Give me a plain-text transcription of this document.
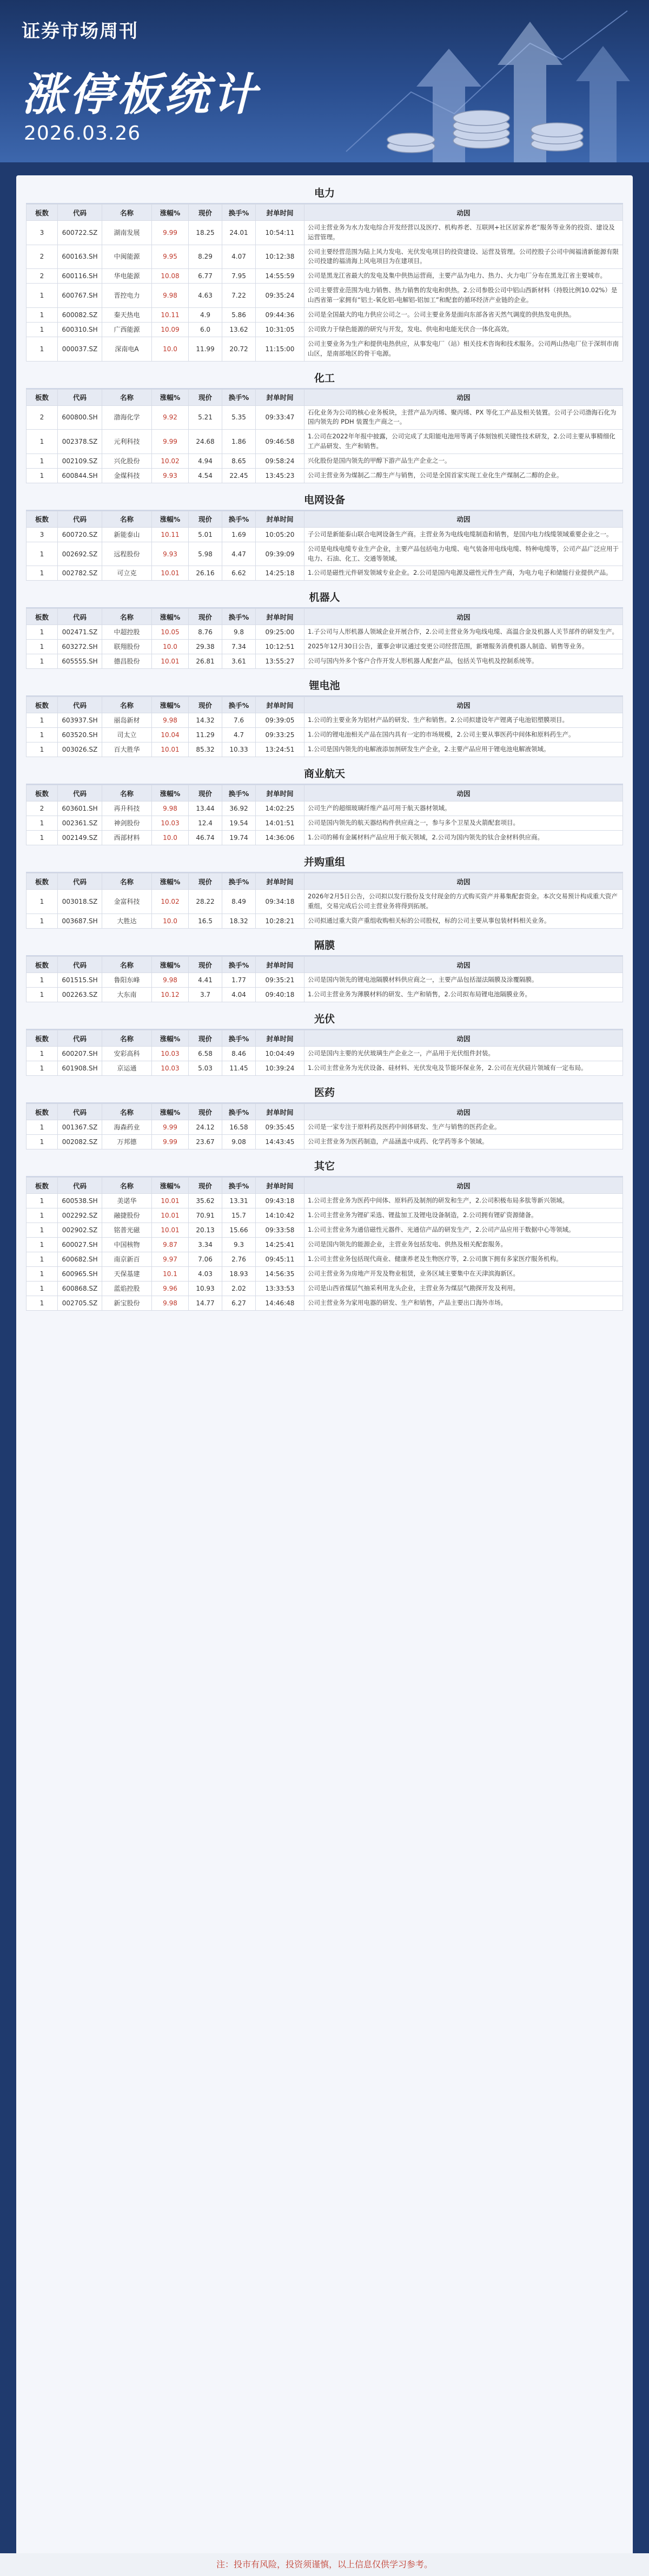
证券市场周刊
涨停板统计
2026.03.26
电力
板数	代码	名称	涨幅%	现价	换手%	封单时间	动因
3	600722.SZ	湖南发展	9.99	18.25	24.01	10:54:11	公司主营业务为水力发电综合开发经营以及医疗、机构养老、互联网+社区居家养老”服务等业务的投资、建设及运营管理。
2	600163.SH	中闽能源	9.95	8.29	4.07	10:12:38	公司主要经营范围为陆上风力发电、光伏发电项目的投资建设、运营及管理。公司控股子公司中闽福清新能源有限公司投建的福清海上风电项目为在建项目。
2	600116.SH	华电能源	10.08	6.77	7.95	14:55:59	公司是黑龙江省最大的发电及集中供热运营商，主要产品为电力、热力、火力电厂分布在黑龙江省主要城市。
1	600767.SH	晋控电力	9.98	4.63	7.22	09:35:24	公司主要营业范围为电力销售、热力销售的发电和供热。2.公司参股公司中铝山西新材料（持股比例10.02%）是山西省第一家拥有“铝土-氧化铝-电解铝-铝加工”和配套的循环经济产业链的企业。
1	600082.SZ	秦天热电	10.11	4.9	5.86	09:44:36	公司是全国最大的电力供应公司之一。公司主要业务是面向东部各省天然气调度的供热发电供热。
1	600310.SH	广西能源	10.09	6.0	13.62	10:31:05	公司致力于绿色能源的研究与开发，发电、供电和电能光伏合一体化高效。
1	000037.SZ	深南电A	10.0	11.99	20.72	11:15:00	公司主要业务为生产和提供电热供应，从事发电厂（站）相关技术咨询和技术服务。公司两山热电厂位于深圳市南山区，是南部地区的骨干电源。
化工
板数	代码	名称	涨幅%	现价	换手%	封单时间	动因
2	600800.SH	渤海化学	9.92	5.21	5.35	09:33:47	石化业务为公司的核心业务板块，主营产品为丙烯、聚丙烯、PX 等化工产品及相关装置。公司子公司渤海石化为国内领先的 PDH 装置生产商之一。
1	002378.SZ	元利科技	9.99	24.68	1.86	09:46:58	1.公司在2022年年报中披露，公司完成了太阳能电池用等离子体刻蚀机关键性技术研发，2.公司主要从事精细化工产品研发、生产和销售。
1	002109.SZ	兴化股份	10.02	4.94	8.65	09:58:24	兴化股份是国内领先的甲醇下游产品生产企业之一。
1	600844.SH	金煤科技	9.93	4.54	22.45	13:45:23	公司主营业务为煤制乙二醇生产与销售，公司是全国首家实现工业化生产煤制乙二醇的企业。
电网设备
板数	代码	名称	涨幅%	现价	换手%	封单时间	动因
3	600720.SZ	新能泰山	10.11	5.01	1.69	10:05:20	子公司是新能泰山联合电网设备生产商。主营业务为电线电缆制造和销售，是国内电力线缆领域重要企业之一。
1	002692.SZ	远程股份	9.93	5.98	4.47	09:39:09	公司是电线电缆专业生产企业，主要产品包括电力电缆、电气装备用电线电缆、特种电缆等，公司产品广泛应用于电力、石油、化工、交通等领域。
1	002782.SZ	可立克	10.01	26.16	6.62	14:25:18	1.公司是磁性元件研发领域专业企业。2.公司是国内电源及磁性元件生产商，为电力电子和储能行业提供产品。
机器人
板数	代码	名称	涨幅%	现价	换手%	封单时间	动因
1	002471.SZ	中超控股	10.05	8.76	9.8	09:25:00	1.子公司与人形机器人领域企业开展合作，2.公司主营业务为电线电缆、高温合金及机器人关节部件的研发生产。
1	603272.SH	联翔股份	10.0	29.38	7.34	10:12:51	2025年12月30日公告，董事会审议通过变更公司经营范围，新增服务消费机器人制造、销售等业务。
1	605555.SH	德昌股份	10.01	26.81	3.61	13:55:27	公司与国内外多个客户合作开发人形机器人配套产品，包括关节电机及控制系统等。
锂电池
板数	代码	名称	涨幅%	现价	换手%	封单时间	动因
1	603937.SH	丽岛新材	9.98	14.32	7.6	09:39:05	1.公司的主要业务为铝材产品的研发、生产和销售。2.公司拟建设年产锂离子电池铝塑膜项目。
1	603520.SH	司太立	10.04	11.29	4.7	09:33:25	1.公司的锂电池相关产品在国内具有一定的市场规模，2.公司主要从事医药中间体和原料药生产。
1	003026.SZ	百大胜华	10.01	85.32	10.33	13:24:51	1.公司是国内领先的电解液添加剂研发生产企业，2.主要产品应用于锂电池电解液领域。
商业航天
板数	代码	名称	涨幅%	现价	换手%	封单时间	动因
2	603601.SH	再升科技	9.98	13.44	36.92	14:02:25	公司生产的超细玻璃纤维产品可用于航天器材领域。
1	002361.SZ	神剑股份	10.03	12.4	19.54	14:01:51	公司是国内领先的航天器结构件供应商之一，参与多个卫星及火箭配套项目。
1	002149.SZ	西部材料	10.0	46.74	19.74	14:36:06	1.公司的稀有金属材料产品应用于航天领域，2.公司为国内领先的钛合金材料供应商。
并购重组
板数	代码	名称	涨幅%	现价	换手%	封单时间	动因
1	003018.SZ	金富科技	10.02	28.22	8.49	09:34:18	2026年2月5日公告，公司拟以发行股份及支付现金的方式购买资产并募集配套资金。本次交易预计构成重大资产重组，交易完成后公司主营业务将得到拓展。
1	003687.SH	大胜达	10.0	16.5	18.32	10:28:21	公司拟通过重大资产重组收购相关标的公司股权，标的公司主要从事包装材料相关业务。
隔膜
板数	代码	名称	涨幅%	现价	换手%	封单时间	动因
1	601515.SH	鲁阳东峰	9.98	4.41	1.77	09:35:21	公司是国内领先的锂电池隔膜材料供应商之一，主要产品包括湿法隔膜及涂覆隔膜。
1	002263.SZ	大东南	10.12	3.7	4.04	09:40:18	1.公司主营业务为薄膜材料的研发、生产和销售，2.公司拟布局锂电池隔膜业务。
光伏
板数	代码	名称	涨幅%	现价	换手%	封单时间	动因
1	600207.SH	安彩高科	10.03	6.58	8.46	10:04:49	公司是国内主要的光伏玻璃生产企业之一，产品用于光伏组件封装。
1	601908.SH	京运通	10.03	5.03	11.45	10:39:24	1.公司主营业务为光伏设备、硅材料、光伏发电及节能环保业务，2.公司在光伏硅片领域有一定布局。
医药
板数	代码	名称	涨幅%	现价	换手%	封单时间	动因
1	001367.SZ	海森药业	9.99	24.12	16.58	09:35:45	公司是一家专注于原料药及医药中间体研发、生产与销售的医药企业。
1	002082.SZ	万邦德	9.99	23.67	9.08	14:43:45	公司主营业务为医药制造，产品涵盖中成药、化学药等多个领域。
其它
板数	代码	名称	涨幅%	现价	换手%	封单时间	动因
1	600538.SH	美诺华	10.01	35.62	13.31	09:43:18	1.公司主营业务为医药中间体、原料药及制剂的研发和生产，2.公司积极布局多肽等新兴领域。
1	002292.SZ	融捷股份	10.01	70.91	15.7	14:10:42	1.公司主营业务为锂矿采选、锂盐加工及锂电设备制造，2.公司拥有锂矿资源储备。
1	002902.SZ	铭普光磁	10.01	20.13	15.66	09:33:58	1.公司主营业务为通信磁性元器件、光通信产品的研发生产，2.公司产品应用于数据中心等领域。
1	600027.SH	中国核物	9.87	3.34	9.3	14:25:41	公司是国内领先的能源企业，主营业务包括发电、供热及相关配套服务。
1	600682.SH	南京新百	9.97	7.06	2.76	09:45:11	1.公司主营业务包括现代商业、健康养老及生物医疗等，2.公司旗下拥有多家医疗服务机构。
1	600965.SH	天保基建	10.1	4.03	18.93	14:56:35	公司主营业务为房地产开发及物业租赁，业务区域主要集中在天津滨海新区。
1	600868.SZ	蓝焰控股	9.96	10.93	2.02	13:33:53	公司是山西省煤层气抽采利用龙头企业，主营业务为煤层气勘探开发及利用。
1	002705.SZ	新宝股份	9.98	14.77	6.27	14:46:48	公司主营业务为家用电器的研发、生产和销售，产品主要出口海外市场。
注：投市有风险，投资须谨慎，以上信息仅供学习参考。
